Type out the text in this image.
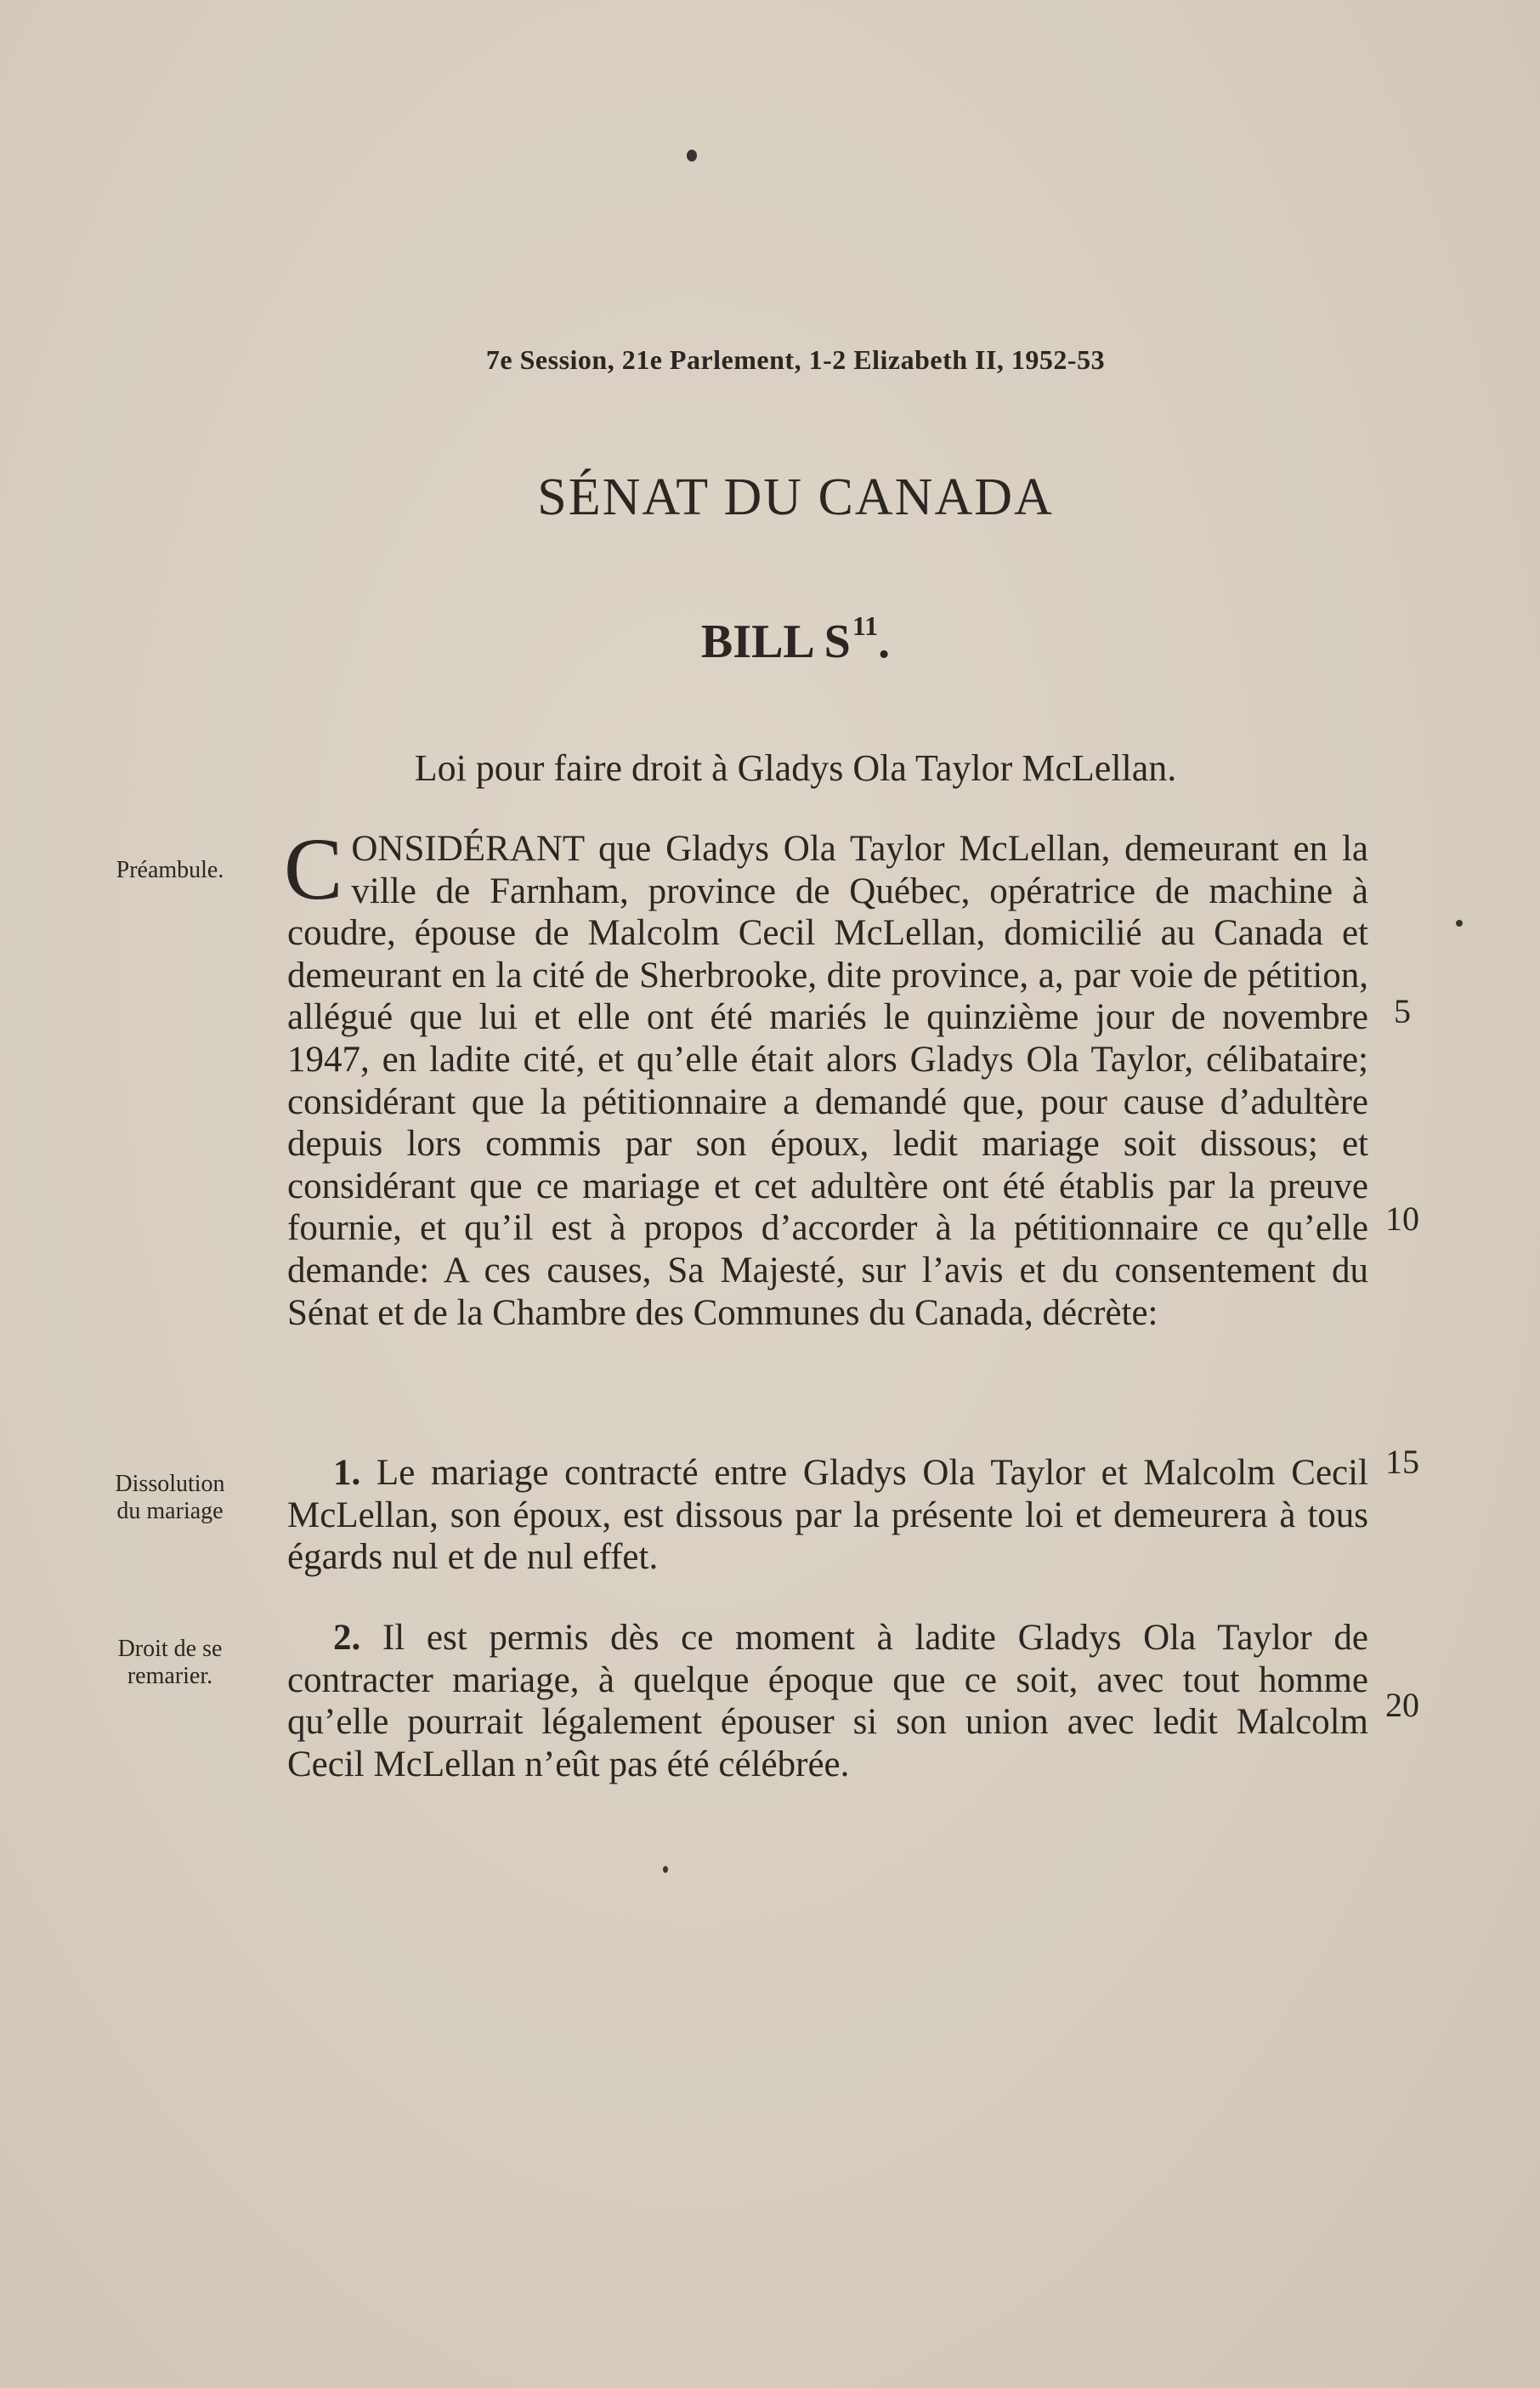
7e Session, 21e Parlement, 1-2 Elizabeth II, 1952-53
SÉNAT DU CANADA
BILL $S^{11}$.
Loi pour faire droit à Gladys Ola Taylor McLellan.
Préambule.
Dissolution
du mariage
Droit de se
remarier.

CONSIDÉRANT que Gladys Ola Taylor McLellan, demeurant en la ville de Farnham, province de Québec, opératrice de machine à coudre, épouse de Malcolm Cecil McLellan, domicilié au Canada et demeurant en la cité de Sherbrooke, dite province, a, par voie de pétition, allégué que lui et elle ont été mariés le quinzième jour de novembre 1947, en ladite cité, et qu’elle était alors Gladys Ola Taylor, célibataire; considérant que la pétitionnaire a demandé que, pour cause d’adultère depuis lors commis par son époux, ledit mariage soit dissous; et considérant que ce mariage et cet adultère ont été établis par la preuve fournie, et qu’il est à propos d’accorder à la pétitionnaire ce qu’elle demande: A ces causes, Sa Majesté, sur l’avis et du consentement du Sénat et de la Chambre des Communes du Canada, décrète:

1. Le mariage contracté entre Gladys Ola Taylor et Malcolm Cecil McLellan, son époux, est dissous par la présente loi et demeurera à tous égards nul et de nul effet.

2. Il est permis dès ce moment à ladite Gladys Ola Taylor de contracter mariage, à quelque époque que ce soit, avec tout homme qu’elle pourrait légalement épouser si son union avec ledit Malcolm Cecil McLellan n’eût pas été célébrée.

5
10
15
20
